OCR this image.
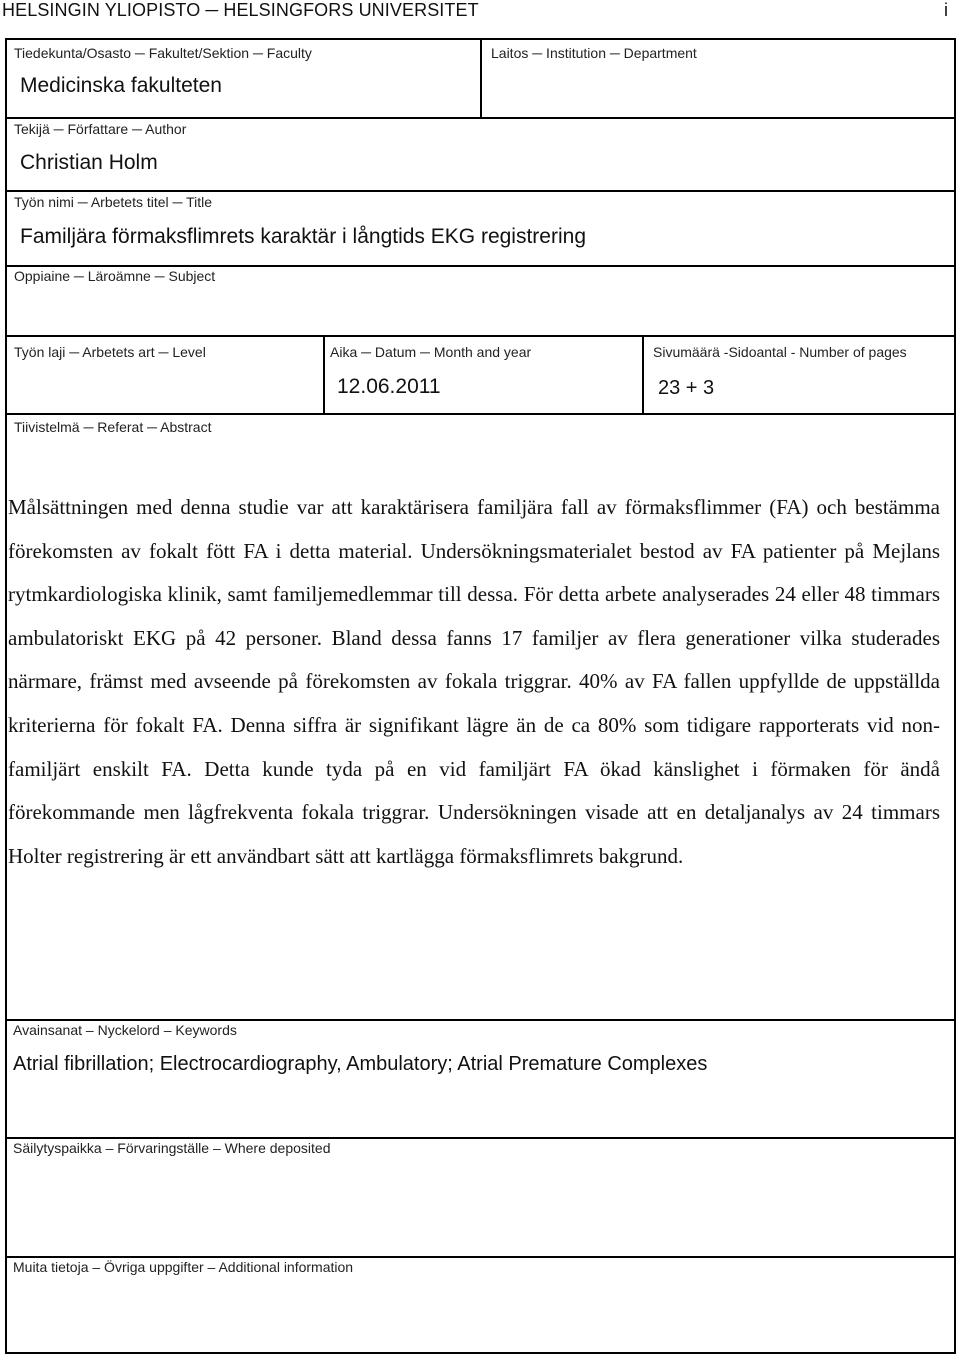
HELSINGIN YLIOPISTO ─ HELSINGFORS UNIVERSITET	i
Tiedekunta/Osasto ─ Fakultet/Sektion ─ Faculty
Medicinska fakulteten
Laitos ─ Institution ─ Department
Tekijä ─ Författare ─ Author
Christian Holm
Työn nimi ─ Arbetets titel ─ Title
Familjära förmaksflimrets karaktär i långtids EKG registrering
Oppiaine ─ Läroämne ─ Subject
Työn laji ─ Arbetets art ─ Level	Aika ─ Datum ─ Month and year
12.06.2011
Sivumäärä -Sidoantal - Number of pages
23 + 3
Tiivistelmä ─ Referat ─ Abstract
Målsättningen med denna studie var att karaktärisera familjära fall av förmaksflimmer (FA) och bestämma förekomsten av fokalt fött FA i detta material. Undersökningsmaterialet bestod av FA patienter på Mejlans rytmkardiologiska klinik, samt familjemedlemmar till dessa. För detta arbete analyserades 24 eller 48 timmars ambulatoriskt EKG på 42 personer. Bland dessa fanns 17 familjer av flera generationer vilka studerades närmare, främst med avseende på förekomsten av fokala triggrar. 40% av FA fallen uppfyllde de uppställda kriterierna för fokalt FA. Denna siffra är signifikant lägre än de ca 80% som tidigare rapporterats vid non-familjärt enskilt FA. Detta kunde tyda på en vid familjärt FA ökad känslighet i förmaken för ändå förekommande men lågfrekventa fokala triggrar. Undersökningen visade att en detaljanalys av 24 timmars Holter registrering är ett användbart sätt att kartlägga förmaksflimrets bakgrund.
Avainsanat – Nyckelord – Keywords
Atrial fibrillation; Electrocardiography, Ambulatory; Atrial Premature Complexes
Säilytyspaikka – Förvaringställe – Where deposited
Muita tietoja – Övriga uppgifter – Additional information
